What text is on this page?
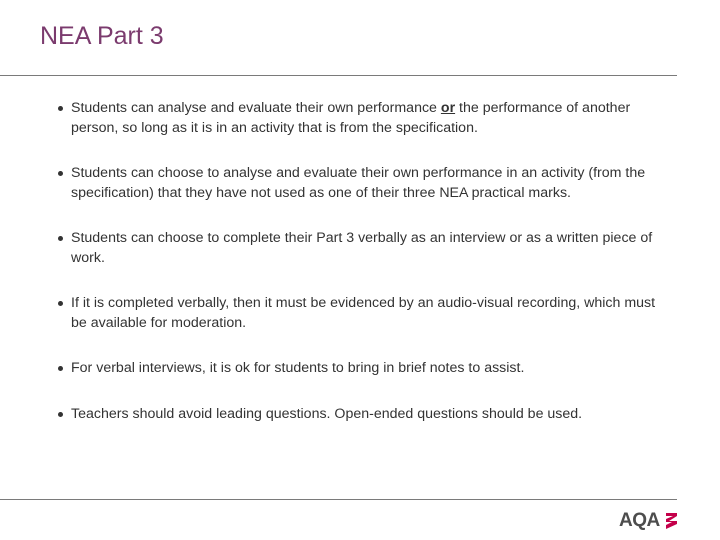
NEA Part 3
Students can analyse and evaluate their own performance or the performance of another person, so long as it is in an activity that is from the specification.
Students can choose to analyse and evaluate their own performance in an activity (from the specification) that they have not used as one of their three NEA practical marks.
Students can choose to complete their Part 3 verbally as an interview or as a written piece of work.
If it is completed verbally, then it must be evidenced by an audio-visual recording, which must be available for moderation.
For verbal interviews, it is ok for students to bring in brief notes to assist.
Teachers should avoid leading questions. Open-ended questions should be used.
AQA
